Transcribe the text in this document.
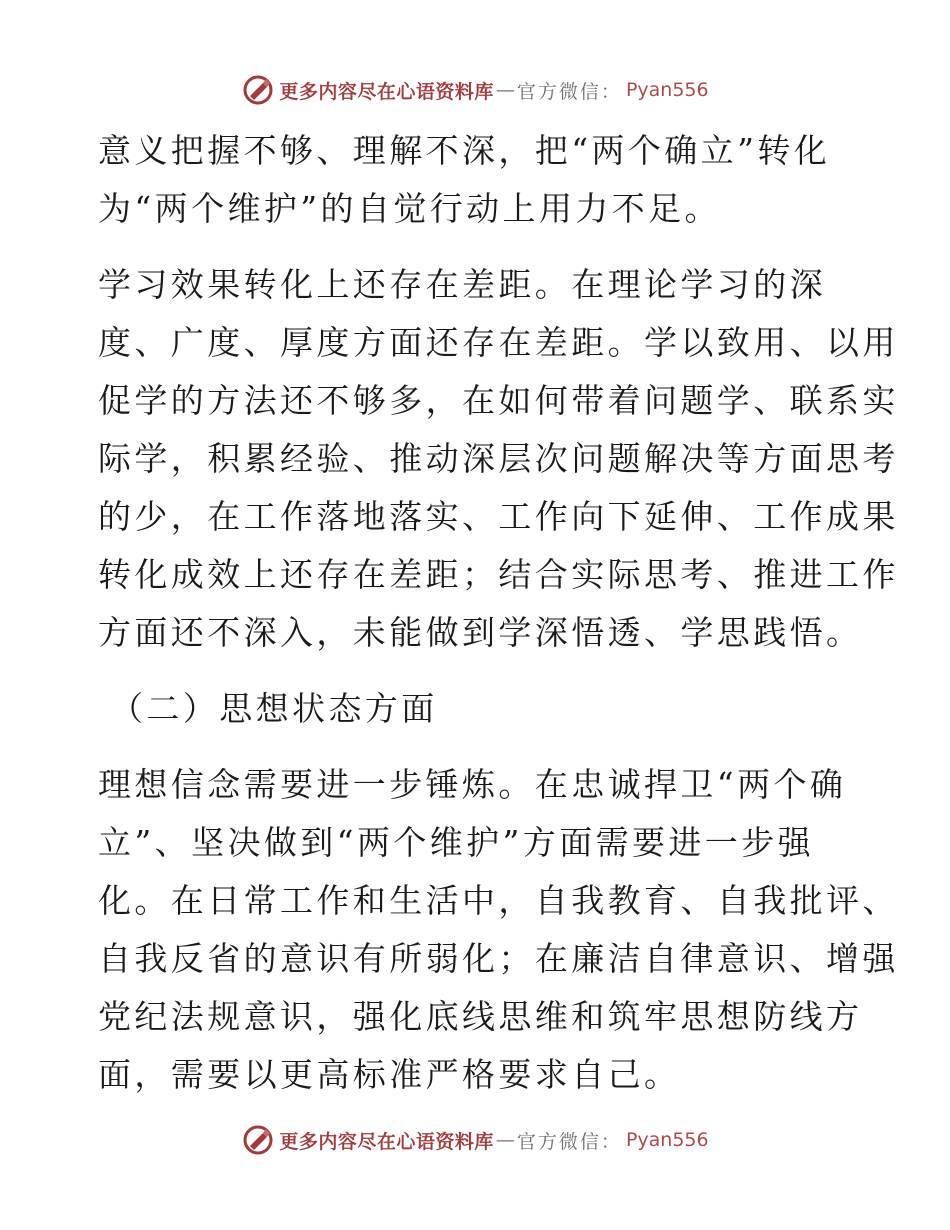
更多内容尽在心语资料库 — 官方微信： Pyan556

意义把握不够、理解不深，把“两个确立”转化
为“两个维护”的自觉行动上用力不足。

学习效果转化上还存在差距。在理论学习的深
度、广度、厚度方面还存在差距。学以致用、以用
促学的方法还不够多，在如何带着问题学、联系实
际学，积累经验、推动深层次问题解决等方面思考
的少，在工作落地落实、工作向下延伸、工作成果
转化成效上还存在差距；结合实际思考、推进工作
方面还不深入，未能做到学深悟透、学思践悟。

（二）思想状态方面

理想信念需要进一步锤炼。在忠诚捍卫“两个确
立”、坚决做到“两个维护”方面需要进一步强
化。在日常工作和生活中，自我教育、自我批评、
自我反省的意识有所弱化；在廉洁自律意识、增强
党纪法规意识，强化底线思维和筑牢思想防线方
面，需要以更高标准严格要求自己。

更多内容尽在心语资料库 — 官方微信： Pyan556
